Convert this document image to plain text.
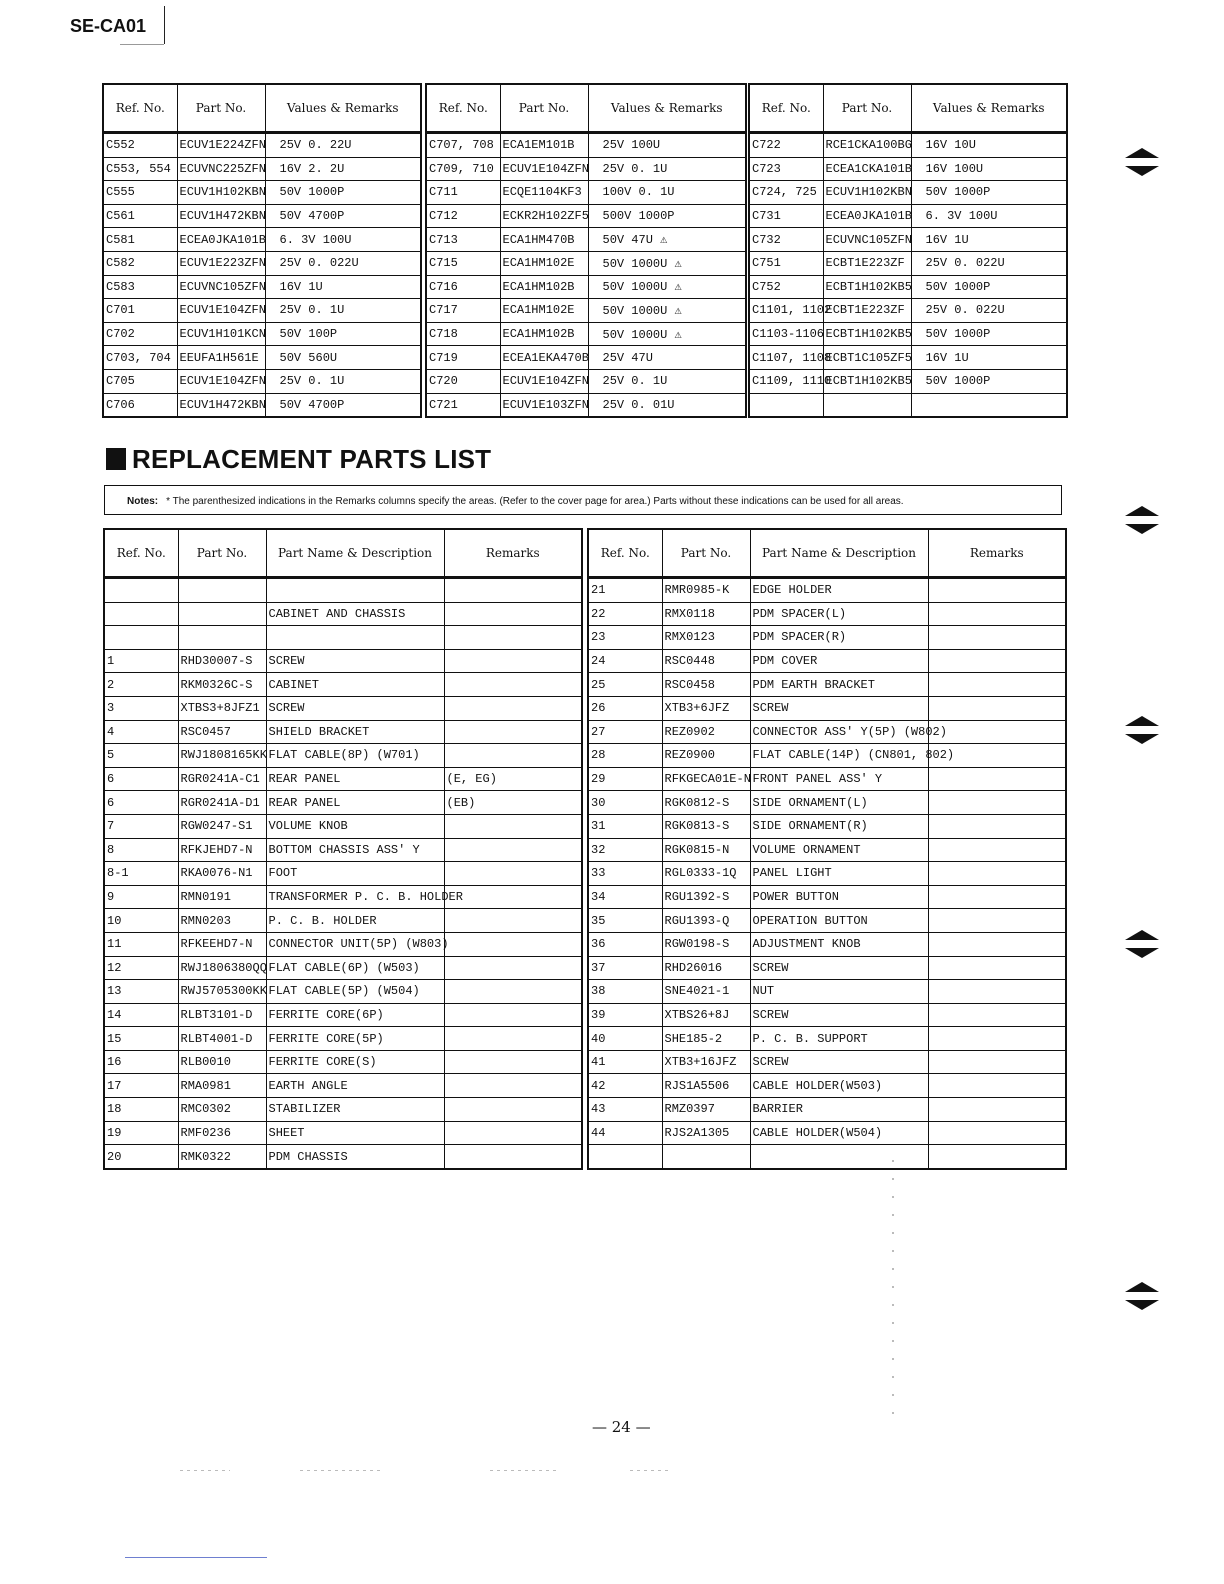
SE-CA01
Ref. No.	Part No.	Values & Remarks
C552	ECUV1E224ZFN	25V 0. 22U
C553, 554	ECUVNC225ZFN	16V 2. 2U
C555	ECUV1H102KBN	50V 1000P
C561	ECUV1H472KBN	50V 4700P
C581	ECEA0JKA101B	6. 3V 100U
C582	ECUV1E223ZFN	25V 0. 022U
C583	ECUVNC105ZFN	16V 1U
C701	ECUV1E104ZFN	25V 0. 1U
C702	ECUV1H101KCN	50V 100P
C703, 704	EEUFA1H561E	50V 560U
C705	ECUV1E104ZFN	25V 0. 1U
C706	ECUV1H472KBN	50V 4700P
Ref. No.	Part No.	Values & Remarks
C707, 708	ECA1EM101B	25V 100U
C709, 710	ECUV1E104ZFN	25V 0. 1U
C711	ECQE1104KF3	100V 0. 1U
C712	ECKR2H102ZF5	500V 1000P
C713	ECA1HM470B	50V 47U ⚠
C715	ECA1HM102E	50V 1000U ⚠
C716	ECA1HM102B	50V 1000U ⚠
C717	ECA1HM102E	50V 1000U ⚠
C718	ECA1HM102B	50V 1000U ⚠
C719	ECEA1EKA470B	25V 47U
C720	ECUV1E104ZFN	25V 0. 1U
C721	ECUV1E103ZFN	25V 0. 01U
Ref. No.	Part No.	Values & Remarks
C722	RCE1CKA100BG	16V 10U
C723	ECEA1CKA101B	16V 100U
C724, 725	ECUV1H102KBN	50V 1000P
C731	ECEA0JKA101B	6. 3V 100U
C732	ECUVNC105ZFN	16V 1U
C751	ECBT1E223ZF	25V 0. 022U
C752	ECBT1H102KB5	50V 1000P
C1101, 1102	ECBT1E223ZF	25V 0. 022U
C1103-1106	ECBT1H102KB5	50V 1000P
C1107, 1108	ECBT1C105ZF5	16V 1U
C1109, 1110	ECBT1H102KB5	50V 1000P

REPLACEMENT PARTS LIST
Notes: * The parenthesized indications in the Remarks columns specify the areas. (Refer to the cover page for area.) Parts without these indications can be used for all areas.
Ref. No.	Part No.	Part Name & Description	Remarks

		CABINET AND CHASSIS	

1	RHD30007-S	SCREW	
2	RKM0326C-S	CABINET	
3	XTBS3+8JFZ1	SCREW	
4	RSC0457	SHIELD BRACKET	
5	RWJ1808165KK	FLAT CABLE(8P) (W701)	
6	RGR0241A-C1	REAR PANEL	(E, EG)
6	RGR0241A-D1	REAR PANEL	(EB)
7	RGW0247-S1	VOLUME KNOB	
8	RFKJEHD7-N	BOTTOM CHASSIS ASS' Y	
8-1	RKA0076-N1	FOOT	
9	RMN0191	TRANSFORMER P. C. B. HOLDER	
10	RMN0203	P. C. B. HOLDER	
11	RFKEEHD7-N	CONNECTOR UNIT(5P) (W803)	
12	RWJ1806380QQ	FLAT CABLE(6P) (W503)	
13	RWJ5705300KK	FLAT CABLE(5P) (W504)	
14	RLBT3101-D	FERRITE CORE(6P)	
15	RLBT4001-D	FERRITE CORE(5P)	
16	RLB0010	FERRITE CORE(S)	
17	RMA0981	EARTH ANGLE	
18	RMC0302	STABILIZER	
19	RMF0236	SHEET	
20	RMK0322	PDM CHASSIS	
Ref. No.	Part No.	Part Name & Description	Remarks
21	RMR0985-K	EDGE HOLDER	
22	RMX0118	PDM SPACER(L)	
23	RMX0123	PDM SPACER(R)	
24	RSC0448	PDM COVER	
25	RSC0458	PDM EARTH BRACKET	
26	XTB3+6JFZ	SCREW	
27	REZ0902	CONNECTOR ASS' Y(5P) (W802)	
28	REZ0900	FLAT CABLE(14P) (CN801, 802)	
29	RFKGECA01E-N	FRONT PANEL ASS' Y	
30	RGK0812-S	SIDE ORNAMENT(L)	
31	RGK0813-S	SIDE ORNAMENT(R)	
32	RGK0815-N	VOLUME ORNAMENT	
33	RGL0333-1Q	PANEL LIGHT	
34	RGU1392-S	POWER BUTTON	
35	RGU1393-Q	OPERATION BUTTON	
36	RGW0198-S	ADJUSTMENT KNOB	
37	RHD26016	SCREW	
38	SNE4021-1	NUT	
39	XTBS26+8J	SCREW	
40	SHE185-2	P. C. B. SUPPORT	
41	XTB3+16JFZ	SCREW	
42	RJS1A5506	CABLE HOLDER(W503)	
43	RMZ0397	BARRIER	
44	RJS2A1305	CABLE HOLDER(W504)	

— 24 —
